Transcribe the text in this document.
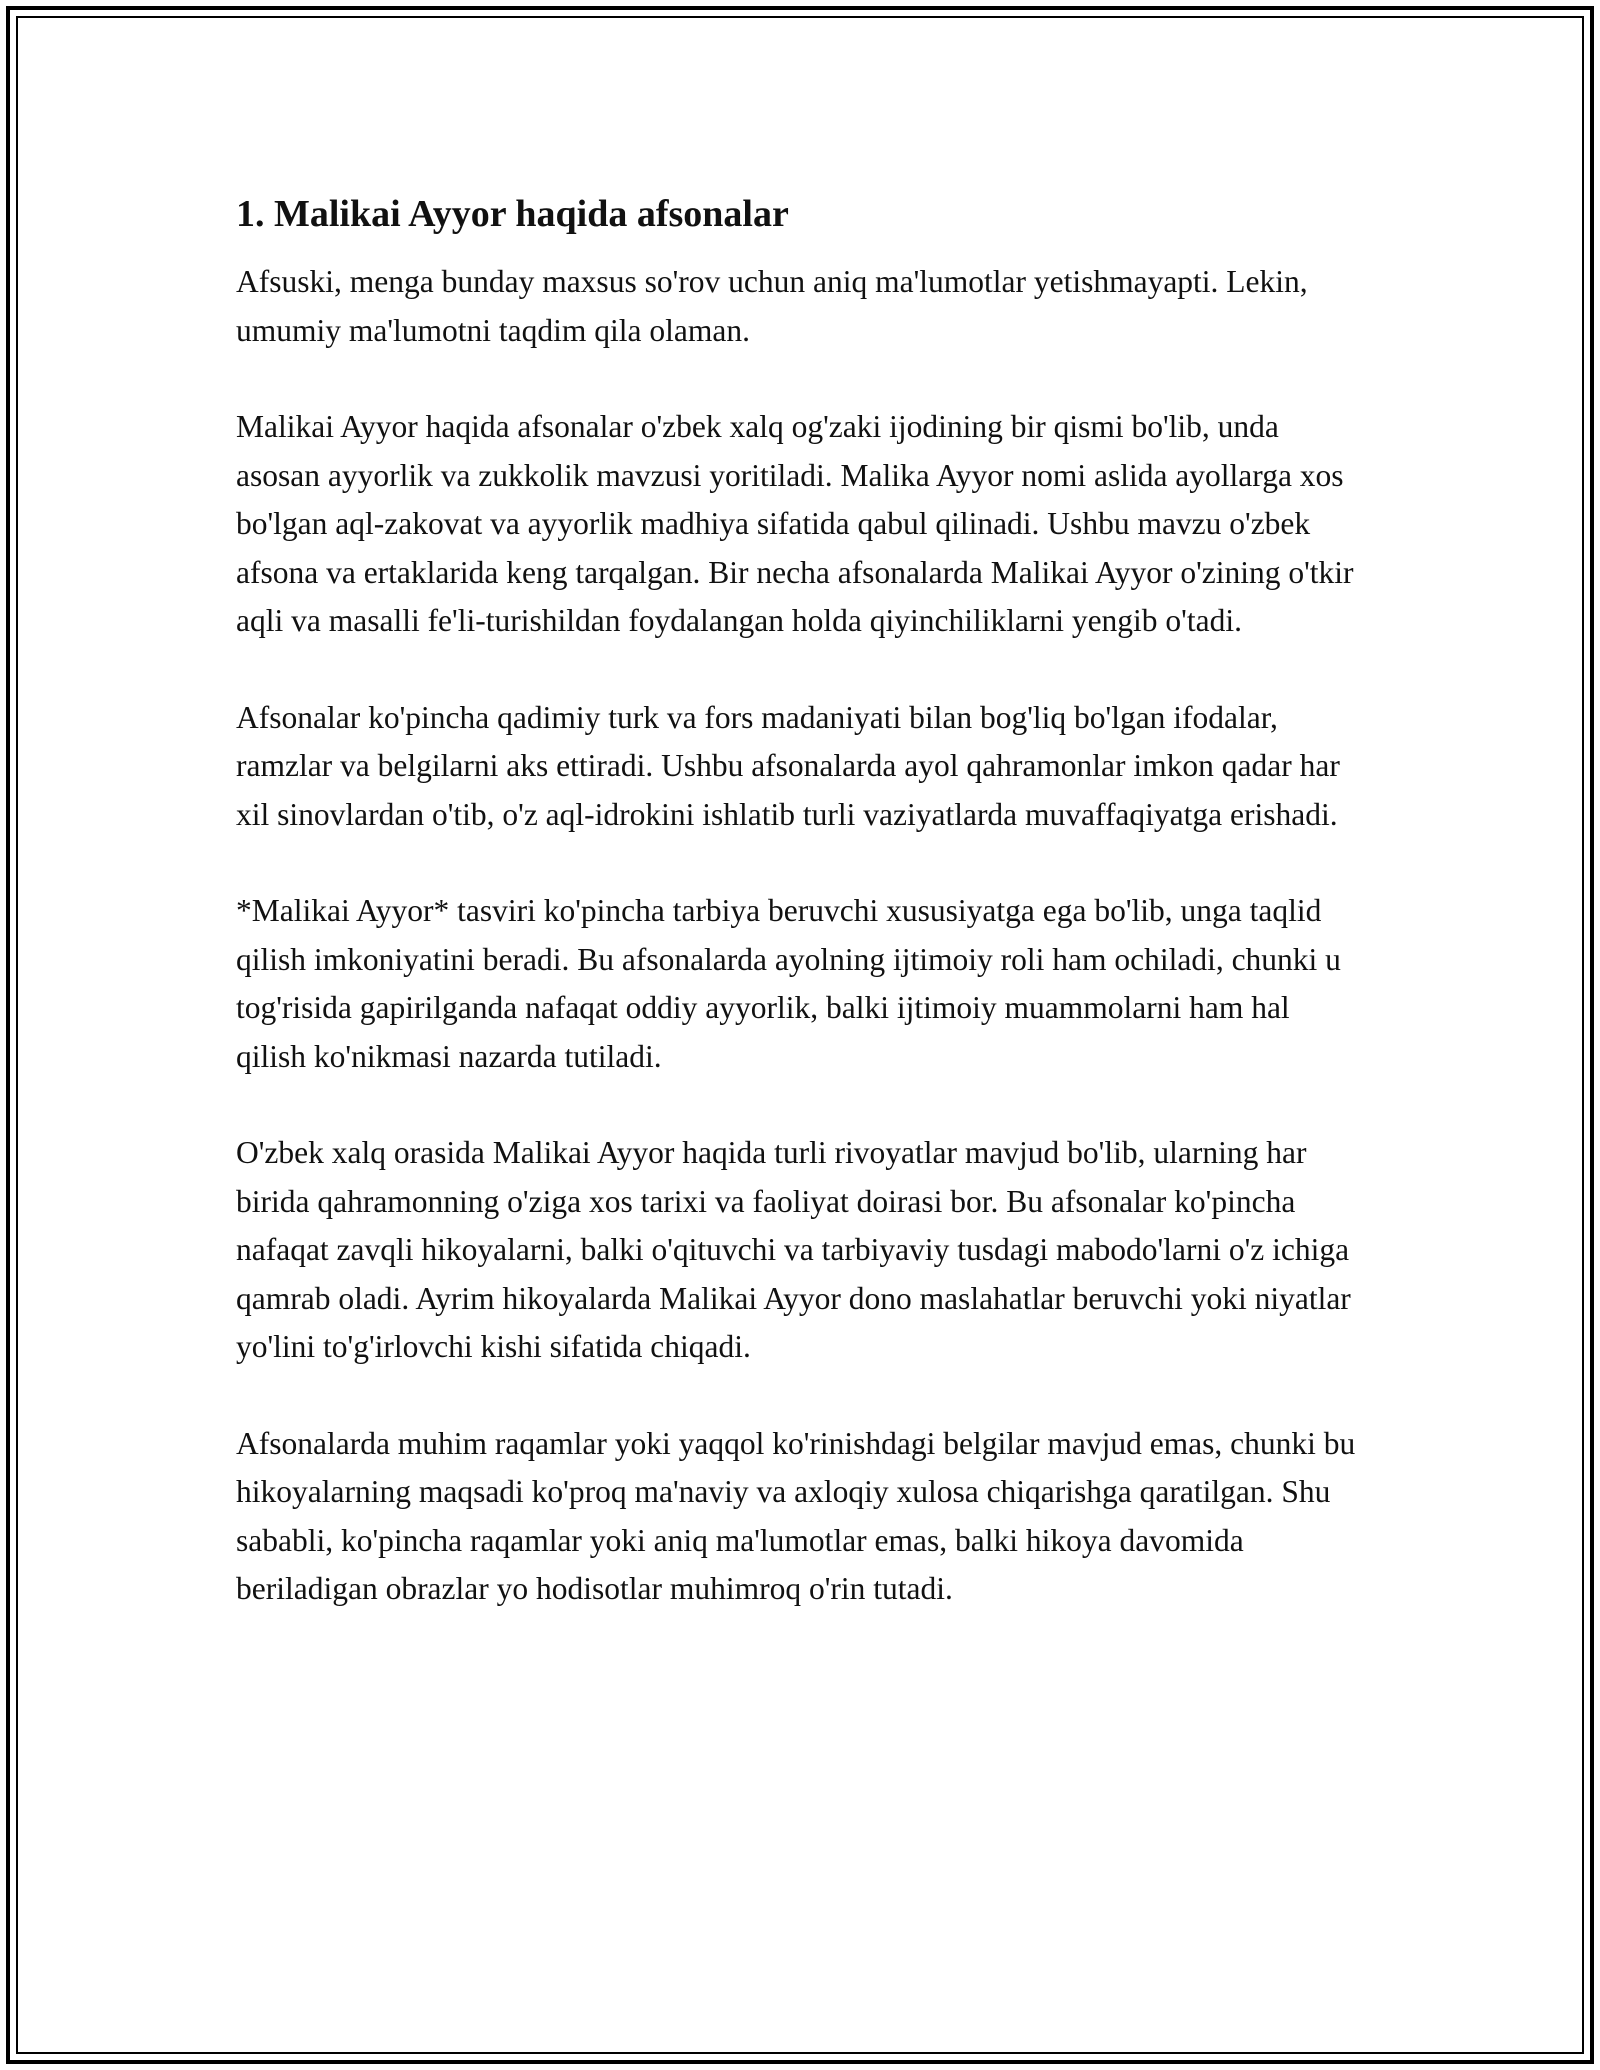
1. Malikai Ayyor haqida afsonalar

Afsuski, menga bunday maxsus so'rov uchun aniq ma'lumotlar yetishmayapti. Lekin, umumiy ma'lumotni taqdim qila olaman.

Malikai Ayyor haqida afsonalar o'zbek xalq og'zaki ijodining bir qismi bo'lib, unda asosan ayyorlik va zukkolik mavzusi yoritiladi. Malika Ayyor nomi aslida ayollarga xos bo'lgan aql-zakovat va ayyorlik madhiya sifatida qabul qilinadi. Ushbu mavzu o'zbek afsona va ertaklarida keng tarqalgan. Bir necha afsonalarda Malikai Ayyor o'zining o'tkir aqli va masalli fe'li-turishildan foydalangan holda qiyinchiliklarni yengib o'tadi.

Afsonalar ko'pincha qadimiy turk va fors madaniyati bilan bog'liq bo'lgan ifodalar, ramzlar va belgilarni aks ettiradi. Ushbu afsonalarda ayol qahramonlar imkon qadar har xil sinovlardan o'tib, o'z aql-idrokini ishlatib turli vaziyatlarda muvaffaqiyatga erishadi.

*Malikai Ayyor* tasviri ko'pincha tarbiya beruvchi xususiyatga ega bo'lib, unga taqlid qilish imkoniyatini beradi. Bu afsonalarda ayolning ijtimoiy roli ham ochiladi, chunki u tog'risida gapirilganda nafaqat oddiy ayyorlik, balki ijtimoiy muammolarni ham hal qilish ko'nikmasi nazarda tutiladi.

O'zbek xalq orasida Malikai Ayyor haqida turli rivoyatlar mavjud bo'lib, ularning har birida qahramonning o'ziga xos tarixi va faoliyat doirasi bor. Bu afsonalar ko'pincha nafaqat zavqli hikoyalarni, balki o'qituvchi va tarbiyaviy tusdagi mabodo'larni o'z ichiga qamrab oladi. Ayrim hikoyalarda Malikai Ayyor dono maslahatlar beruvchi yoki niyatlar yo'lini to'g'irlovchi kishi sifatida chiqadi.

Afsonalarda muhim raqamlar yoki yaqqol ko'rinishdagi belgilar mavjud emas, chunki bu hikoyalarning maqsadi ko'proq ma'naviy va axloqiy xulosa chiqarishga qaratilgan. Shu sababli, ko'pincha raqamlar yoki aniq ma'lumotlar emas, balki hikoya davomida beriladigan obrazlar yo hodisotlar muhimroq o'rin tutadi.
